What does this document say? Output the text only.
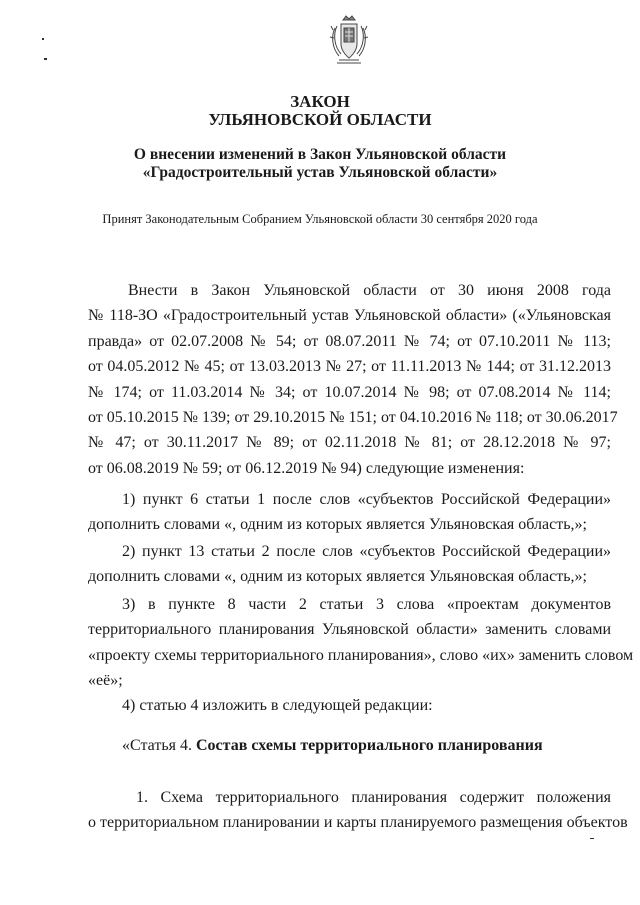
ЗАКОН
УЛЬЯНОВСКОЙ ОБЛАСТИ
О внесении изменений в Закон Ульяновской области
«Градостроительный устав Ульяновской области»
Принят Законодательным Собранием Ульяновской области 30 сентября 2020 года
Внести в Закон Ульяновской области от 30 июня 2008 года
№ 118-ЗО «Градостроительный устав Ульяновской области» («Ульяновская
правда» от 02.07.2008 № 54; от 08.07.2011 № 74; от 07.10.2011 № 113;
от 04.05.2012 № 45; от 13.03.2013 № 27; от 11.11.2013 № 144; от 31.12.2013
№ 174; от 11.03.2014 № 34; от 10.07.2014 № 98; от 07.08.2014 № 114;
от 05.10.2015 № 139; от 29.10.2015 № 151; от 04.10.2016 № 118; от 30.06.2017
№ 47; от 30.11.2017 № 89; от 02.11.2018 № 81; от 28.12.2018 № 97;
от 06.08.2019 № 59; от 06.12.2019 № 94) следующие изменения:
1) пункт 6 статьи 1 после слов «субъектов Российской Федерации»
дополнить словами «, одним из которых является Ульяновская область,»;
2) пункт 13 статьи 2 после слов «субъектов Российской Федерации»
дополнить словами «, одним из которых является Ульяновская область,»;
3) в пункте 8 части 2 статьи 3 слова «проектам документов
территориального планирования Ульяновской области» заменить словами
«проекту схемы территориального планирования», слово «их» заменить словом
«её»;
4) статью 4 изложить в следующей редакции:
«Статья 4. Состав схемы территориального планирования
1. Схема территориального планирования содержит положения
о территориальном планировании и карты планируемого размещения объектов
